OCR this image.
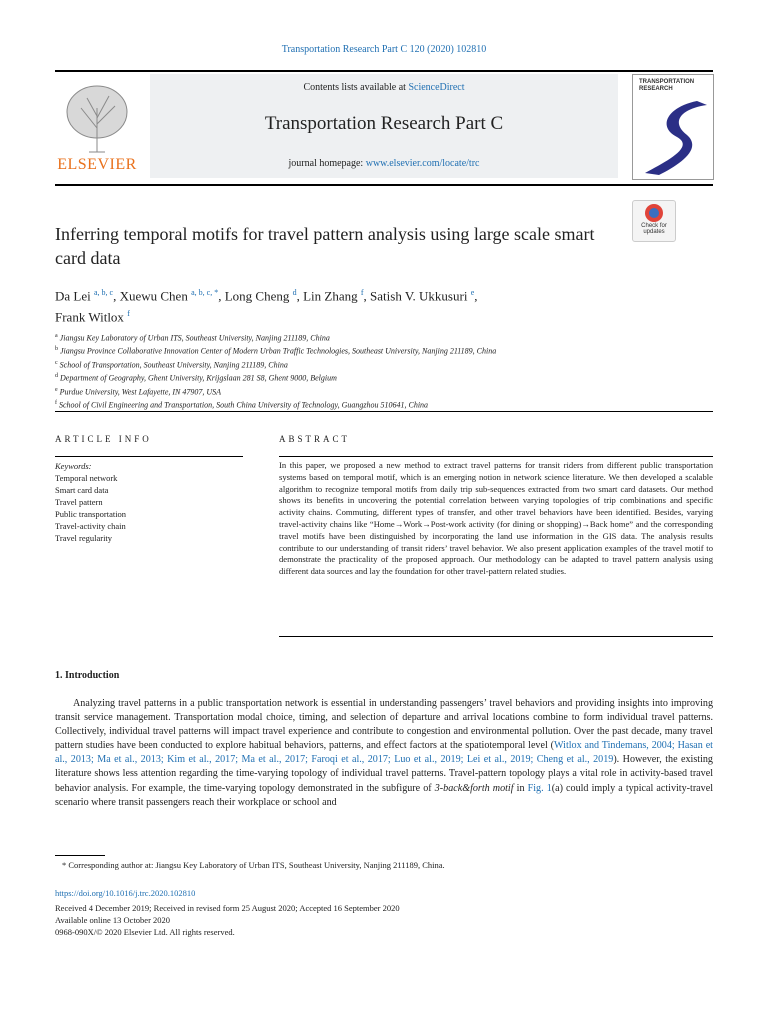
Transportation Research Part C 120 (2020) 102810
ELSEVIER
Contents lists available at ScienceDirect
Transportation Research Part C
journal homepage: www.elsevier.com/locate/trc
TRANSPORTATION RESEARCH
Check for updates
Inferring temporal motifs for travel pattern analysis using large scale smart card data
Da Lei $^{a, b, c}$, Xuewu Chen $^{a, b, c, *}$, Long Cheng $^d$, Lin Zhang $^f$, Satish V. Ukkusuri $^e$,
Frank Witlox $^f$
$^a$ Jiangsu Key Laboratory of Urban ITS, Southeast University, Nanjing 211189, China
$^b$ Jiangsu Province Collaborative Innovation Center of Modern Urban Traffic Technologies, Southeast University, Nanjing 211189, China
$^c$ School of Transportation, Southeast University, Nanjing 211189, China
$^d$ Department of Geography, Ghent University, Krijgslaan 281 S8, Ghent 9000, Belgium
$^e$ Purdue University, West Lafayette, IN 47907, USA
$^f$ School of Civil Engineering and Transportation, South China University of Technology, Guangzhou 510641, China
ARTICLE INFO	ABSTRACT
Keywords:
Temporal network
Smart card data
Travel pattern
Public transportation
Travel-activity chain
Travel regularity
In this paper, we proposed a new method to extract travel patterns for transit riders from different public transportation systems based on temporal motif, which is an emerging notion in network science literature. We then developed a scalable algorithm to recognize temporal motifs from daily trip sub-sequences extracted from two smart card datasets. Our method shows its benefits in uncovering the potential correlation between varying topologies of trip combinations and specific activity chains. Commuting, different types of transfer, and other travel behaviors have been identified. Besides, varying travel-activity chains like “Home→Work→Post-work activity (for dining or shopping)→Back home” and the corresponding travel motifs have been distinguished by incorporating the land use information in the GIS data. The analysis results contribute to our understanding of transit riders’ travel behavior. We also present application examples of the travel motif to demonstrate the practicality of the proposed approach. Our methodology can be adapted to travel pattern analysis using different data sources and lay the foundation for other travel-pattern related studies.
1. Introduction
Analyzing travel patterns in a public transportation network is essential in understanding passengers’ travel behaviors and providing insights into improving transit service management. Transportation modal choice, timing, and selection of departure and arrival locations combine to form individual travel patterns. Collectively, individual travel patterns will impact travel experience and contribute to congestion and environmental pollution. Over the past decade, many travel pattern studies have been conducted to explore habitual behaviors, patterns, and effect factors at the spatiotemporal level (Witlox and Tindemans, 2004; Hasan et al., 2013; Ma et al., 2013; Kim et al., 2017; Ma et al., 2017; Faroqi et al., 2017; Luo et al., 2019; Lei et al., 2019; Cheng et al., 2019). However, the existing literature shows less attention regarding the time-varying topology of individual travel patterns. Travel-pattern topology plays a vital role in activity-based travel behavior analysis. For example, the time-varying topology demonstrated in the subfigure of 3-back&forth motif in Fig. 1(a) could imply a typical activity-travel scenario where transit passengers reach their workplace or school and
* Corresponding author at: Jiangsu Key Laboratory of Urban ITS, Southeast University, Nanjing 211189, China.
https://doi.org/10.1016/j.trc.2020.102810
Received 4 December 2019; Received in revised form 25 August 2020; Accepted 16 September 2020
Available online 13 October 2020
0968-090X/© 2020 Elsevier Ltd. All rights reserved.
